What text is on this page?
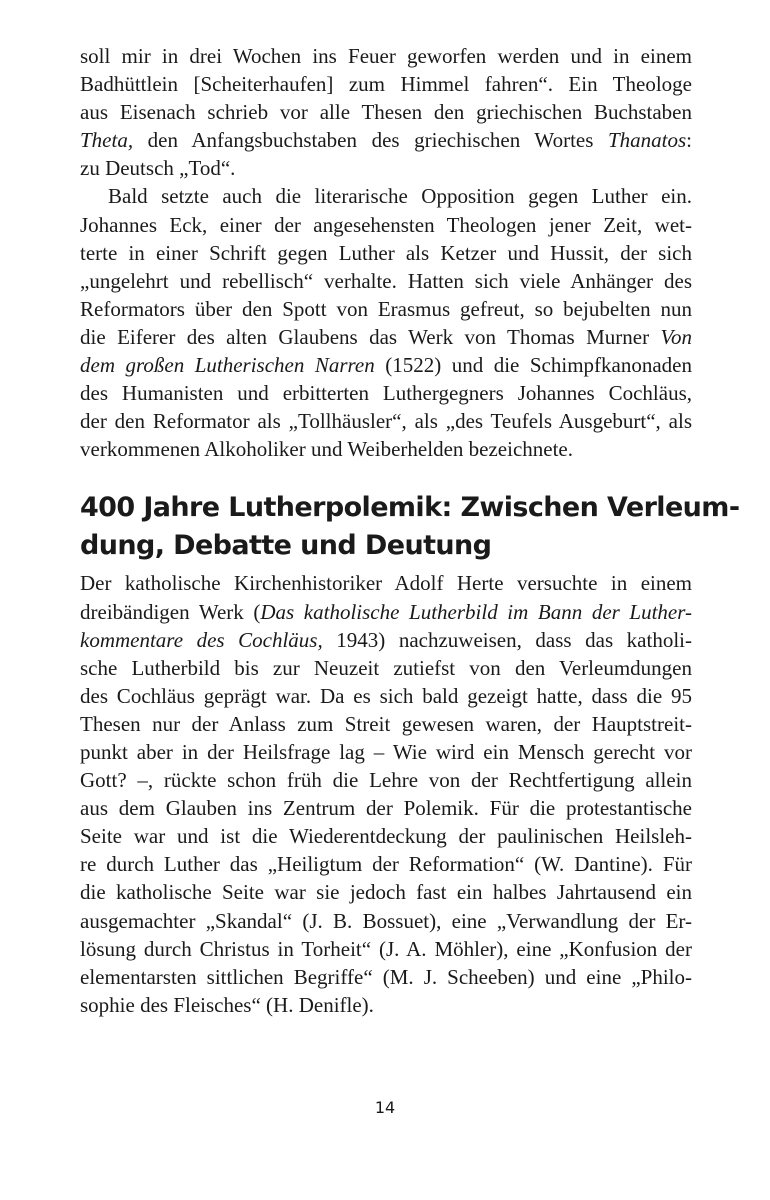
soll mir in drei Wochen ins Feuer geworfen werden und in einem
Badhüttlein [Scheiterhaufen] zum Himmel fahren“. Ein Theologe
aus Eisenach schrieb vor alle Thesen den griechischen Buchstaben
Theta, den Anfangsbuchstaben des griechischen Wortes Thanatos:
zu Deutsch „Tod“.
Bald setzte auch die literarische Opposition gegen Luther ein.
Johannes Eck, einer der angesehensten Theologen jener Zeit, wet-
terte in einer Schrift gegen Luther als Ketzer und Hussit, der sich
„ungelehrt und rebellisch“ verhalte. Hatten sich viele Anhänger des
Reformators über den Spott von Erasmus gefreut, so bejubelten nun
die Eiferer des alten Glaubens das Werk von Thomas Murner Von
dem großen Lutherischen Narren (1522) und die Schimpfkanonaden
des Humanisten und erbitterten Luthergegners Johannes Cochläus,
der den Reformator als „Tollhäusler“, als „des Teufels Ausgeburt“, als
verkommenen Alkoholiker und Weiberhelden bezeichnete.
400 Jahre Lutherpolemik: Zwischen Verleum-
dung, Debatte und Deutung
Der katholische Kirchenhistoriker Adolf Herte versuchte in einem
dreibändigen Werk (Das katholische Lutherbild im Bann der Luther-
kommentare des Cochläus, 1943) nachzuweisen, dass das katholi-
sche Lutherbild bis zur Neuzeit zutiefst von den Verleumdungen
des Cochläus geprägt war. Da es sich bald gezeigt hatte, dass die 95
Thesen nur der Anlass zum Streit gewesen waren, der Hauptstreit-
punkt aber in der Heilsfrage lag – Wie wird ein Mensch gerecht vor
Gott? –, rückte schon früh die Lehre von der Rechtfertigung allein
aus dem Glauben ins Zentrum der Polemik. Für die protestantische
Seite war und ist die Wiederentdeckung der paulinischen Heilsleh-
re durch Luther das „Heiligtum der Reformation“ (W. Dantine). Für
die katholische Seite war sie jedoch fast ein halbes Jahrtausend ein
ausgemachter „Skandal“ (J. B. Bossuet), eine „Verwandlung der Er-
lösung durch Christus in Torheit“ (J. A. Möhler), eine „Konfusion der
elementarsten sittlichen Begriffe“ (M. J. Scheeben) und eine „Philo-
sophie des Fleisches“ (H. Denifle).
14
